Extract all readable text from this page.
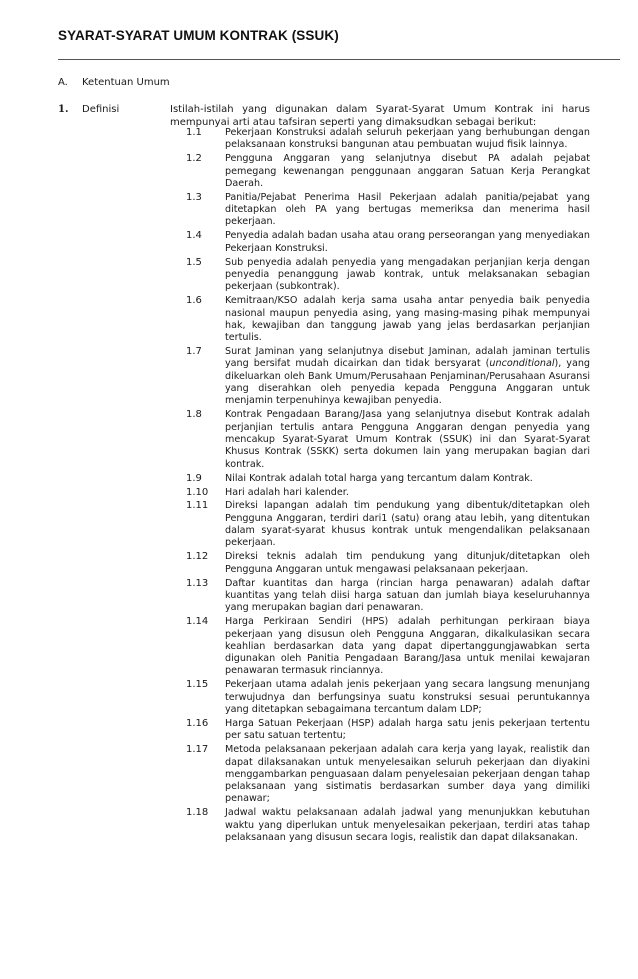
SYARAT-SYARAT UMUM KONTRAK (SSUK)
A. Ketentuan Umum
1. Definisi	Istilah-istilah yang digunakan dalam Syarat-Syarat Umum Kontrak ini harus mempunyai arti atau tafsiran seperti yang dimaksudkan sebagai berikut:
1.1 Pekerjaan Konstruksi adalah seluruh pekerjaan yang berhubungan dengan pelaksanaan konstruksi bangunan atau pembuatan wujud fisik lainnya.
1.2 Pengguna Anggaran yang selanjutnya disebut PA adalah pejabat pemegang kewenangan penggunaan anggaran Satuan Kerja Perangkat Daerah.
1.3 Panitia/Pejabat Penerima Hasil Pekerjaan adalah panitia/pejabat yang ditetapkan oleh PA yang bertugas memeriksa dan menerima hasil pekerjaan.
1.4 Penyedia adalah badan usaha atau orang perseorangan yang menyediakan Pekerjaan Konstruksi.
1.5 Sub penyedia adalah penyedia yang mengadakan perjanjian kerja dengan penyedia penanggung jawab kontrak, untuk melaksanakan sebagian pekerjaan (subkontrak).
1.6 Kemitraan/KSO adalah kerja sama usaha antar penyedia baik penyedia nasional maupun penyedia asing, yang masing-masing pihak mempunyai hak, kewajiban dan tanggung jawab yang jelas berdasarkan perjanjian tertulis.
1.7 Surat Jaminan yang selanjutnya disebut Jaminan, adalah jaminan tertulis yang bersifat mudah dicairkan dan tidak bersyarat (unconditional), yang dikeluarkan oleh Bank Umum/Perusahaan Penjaminan/Perusahaan Asuransi yang diserahkan oleh penyedia kepada Pengguna Anggaran untuk menjamin terpenuhinya kewajiban penyedia.
1.8 Kontrak Pengadaan Barang/Jasa yang selanjutnya disebut Kontrak adalah perjanjian tertulis antara Pengguna Anggaran dengan penyedia yang mencakup Syarat-Syarat Umum Kontrak (SSUK) ini dan Syarat-Syarat Khusus Kontrak (SSKK) serta dokumen lain yang merupakan bagian dari kontrak.
1.9 Nilai Kontrak adalah total harga yang tercantum dalam Kontrak.
1.10 Hari adalah hari kalender.
1.11 Direksi lapangan adalah tim pendukung yang dibentuk/ditetapkan oleh Pengguna Anggaran, terdiri dari1 (satu) orang atau lebih, yang ditentukan dalam syarat-syarat khusus kontrak untuk mengendalikan pelaksanaan pekerjaan.
1.12 Direksi teknis adalah tim pendukung yang ditunjuk/ditetapkan oleh Pengguna Anggaran untuk mengawasi pelaksanaan pekerjaan.
1.13 Daftar kuantitas dan harga (rincian harga penawaran) adalah daftar kuantitas yang telah diisi harga satuan dan jumlah biaya keseluruhannya yang merupakan bagian dari penawaran.
1.14 Harga Perkiraan Sendiri (HPS) adalah perhitungan perkiraan biaya pekerjaan yang disusun oleh Pengguna Anggaran, dikalkulasikan secara keahlian berdasarkan data yang dapat dipertanggungjawabkan serta digunakan oleh Panitia Pengadaan Barang/Jasa untuk menilai kewajaran penawaran termasuk rinciannya.
1.15 Pekerjaan utama adalah jenis pekerjaan yang secara langsung menunjang terwujudnya dan berfungsinya suatu konstruksi sesuai peruntukannya yang ditetapkan sebagaimana tercantum dalam LDP;
1.16 Harga Satuan Pekerjaan (HSP) adalah harga satu jenis pekerjaan tertentu per satu satuan tertentu;
1.17 Metoda pelaksanaan pekerjaan adalah cara kerja yang layak, realistik dan dapat dilaksanakan untuk menyelesaikan seluruh pekerjaan dan diyakini menggambarkan penguasaan dalam penyelesaian pekerjaan dengan tahap pelaksanaan yang sistimatis berdasarkan sumber daya yang dimiliki penawar;
1.18 Jadwal waktu pelaksanaan adalah jadwal yang menunjukkan kebutuhan waktu yang diperlukan untuk menyelesaikan pekerjaan, terdiri atas tahap pelaksanaan yang disusun secara logis, realistik dan dapat dilaksanakan.
